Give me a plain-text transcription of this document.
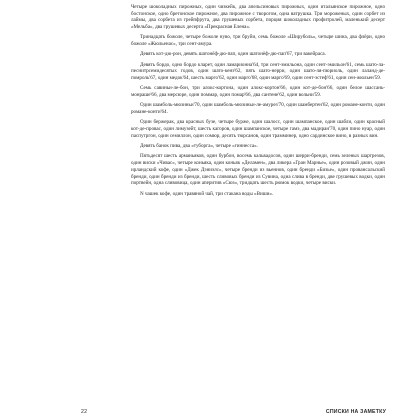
Четыре шоколадных пирожных, один чизкейк, два апельсиновых пирожных, один итальянское пирожное, одно бостонское, одно бретонское пирожное, два пирожное с творогом, одна ватрушка. Три мороженых, один сорбет из лаймы, два сорбета из грейпфрута, два грушевых сорбета, порция шоколадных профитролей, маленький десерт «Мельба», два грушевых десерта «Прекрасная Елена».

Тринадцать божоле, четыре божоле нуво, три бруйи, семь божоле «Шируболь», четыре шина, два флёри, одно божоле «Жюльенас», три сент-амура.

Девять кот-дю-рон, девять шатонёф-дю-пап, один шатонёф-дю-пап'67, три вакейраса.

Девять бордо, одно бордо кларет, один ламарионна'64, три сент-эмильона, один сент-эмильон'61, семь шато-ла-песнитрсемидесятых годов, один шато-кенэ'62, пять шато-нерри, один шато-ля-пюриоль, один лаланд-де-помроль'67, один медок'64, шесть марго'62, один марго'68, один марго'69, один сент-эстеф'61, один сен-жюльен'59.

Семь савиньи-ле-бон, три алокс-кортона, один алокс-кортон'66, один кот-де-бон'66, один белое шассань-монраше'66, два мерсюре, один поммар, один помар'66, два сантене'62, один вольни'59.

Один шамболь-мюзиньи'70, один шамболь-мюзиньи-ле-амурез'70, один шамбертен'62, один романе-конти, один романе-конти'64.

Один бержерак, два красных бузе, четыре бурже, один шалосс, один шампанское, один шабли, один красный кот-де-провас, один лимузейт, шесть кагоров, один шампанское, четыре гамэ, два мадиран'70, один пино нуар, один паспутргон, один семиллон, один сомюр, десять тюрсанов, один трамминер, одно сардинское вино, в разных вин.

Девять банок пива, два «туборга», четыре «гиннесса».

Пятьдесят шесть арманьяков, один бурбон, восемь кальвадосов, один шерри-бренди, семь зеленых шартрезов, один виски «Чивас», четыре коньяка, один коньяк «Деламен», два ликера «Гран Марнье», один розовый джин, один ирландский кофе, один «Джек Дэниэлс», четыре бренди из вьеннов, один бренди «Бизье», один провансальский бренди, один бренди из бренди, шесть сливовых бренди из Сувина, одна слива в бренди, две грушевых водки, один портвейн, одна сливовица, один аперитив «Сюз», тридцать шесть рюмок водки, четыре виски.

N чашек кофе, один травяной чай, три стакана воды «Виши».

22	СПИСКИ НА ЗАМЕТКУ
